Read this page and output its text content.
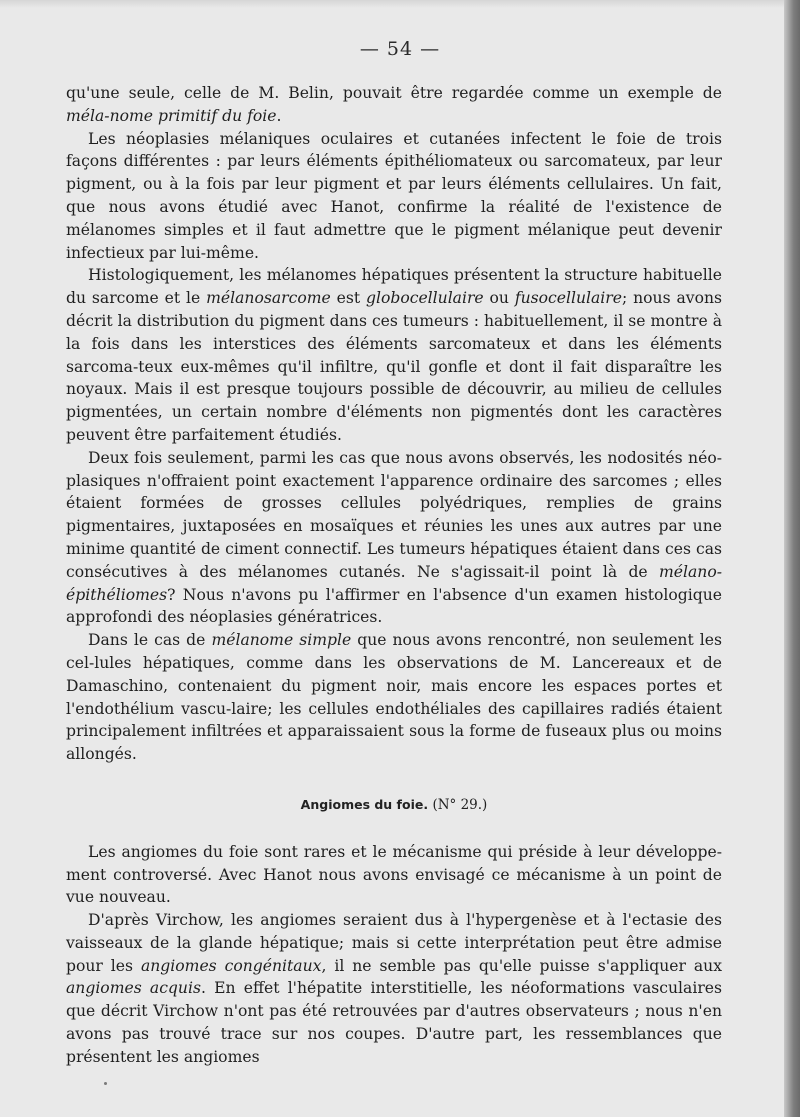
— 54 —

qu'une seule, celle de M. Belin, pouvait être regardée comme un exemple de méla-nome primitif du foie.

Les néoplasies mélaniques oculaires et cutanées infectent le foie de trois façons différentes : par leurs éléments épithéliomateux ou sarcomateux, par leur pigment, ou à la fois par leur pigment et par leurs éléments cellulaires. Un fait, que nous avons étudié avec Hanot, confirme la réalité de l'existence de mélanomes simples et il faut admettre que le pigment mélanique peut devenir infectieux par lui-même.

Histologiquement, les mélanomes hépatiques présentent la structure habituelle du sarcome et le mélanosarcome est globocellulaire ou fusocellulaire; nous avons décrit la distribution du pigment dans ces tumeurs : habituellement, il se montre à la fois dans les interstices des éléments sarcomateux et dans les éléments sarcoma-teux eux-mêmes qu'il infiltre, qu'il gonfle et dont il fait disparaître les noyaux. Mais il est presque toujours possible de découvrir, au milieu de cellules pigmentées, un certain nombre d'éléments non pigmentés dont les caractères peuvent être parfaitement étudiés.

Deux fois seulement, parmi les cas que nous avons observés, les nodosités néo-plasiques n'offraient point exactement l'apparence ordinaire des sarcomes ; elles étaient formées de grosses cellules polyédriques, remplies de grains pigmentaires, juxtaposées en mosaïques et réunies les unes aux autres par une minime quantité de ciment connectif. Les tumeurs hépatiques étaient dans ces cas consécutives à des mélanomes cutanés. Ne s'agissait-il point là de mélano-épithéliomes? Nous n'avons pu l'affirmer en l'absence d'un examen histologique approfondi des néoplasies génératrices.

Dans le cas de mélanome simple que nous avons rencontré, non seulement les cel-lules hépatiques, comme dans les observations de M. Lancereaux et de Damaschino, contenaient du pigment noir, mais encore les espaces portes et l'endothélium vascu-laire; les cellules endothéliales des capillaires radiés étaient principalement infiltrées et apparaissaient sous la forme de fuseaux plus ou moins allongés.

Angiomes du foie. (N° 29.)

Les angiomes du foie sont rares et le mécanisme qui préside à leur développe-ment controversé. Avec Hanot nous avons envisagé ce mécanisme à un point de vue nouveau.

D'après Virchow, les angiomes seraient dus à l'hypergenèse et à l'ectasie des vaisseaux de la glande hépatique; mais si cette interprétation peut être admise pour les angiomes congénitaux, il ne semble pas qu'elle puisse s'appliquer aux angiomes acquis. En effet l'hépatite interstitielle, les néoformations vasculaires que décrit Virchow n'ont pas été retrouvées par d'autres observateurs ; nous n'en avons pas trouvé trace sur nos coupes. D'autre part, les ressemblances que présentent les angiomes
